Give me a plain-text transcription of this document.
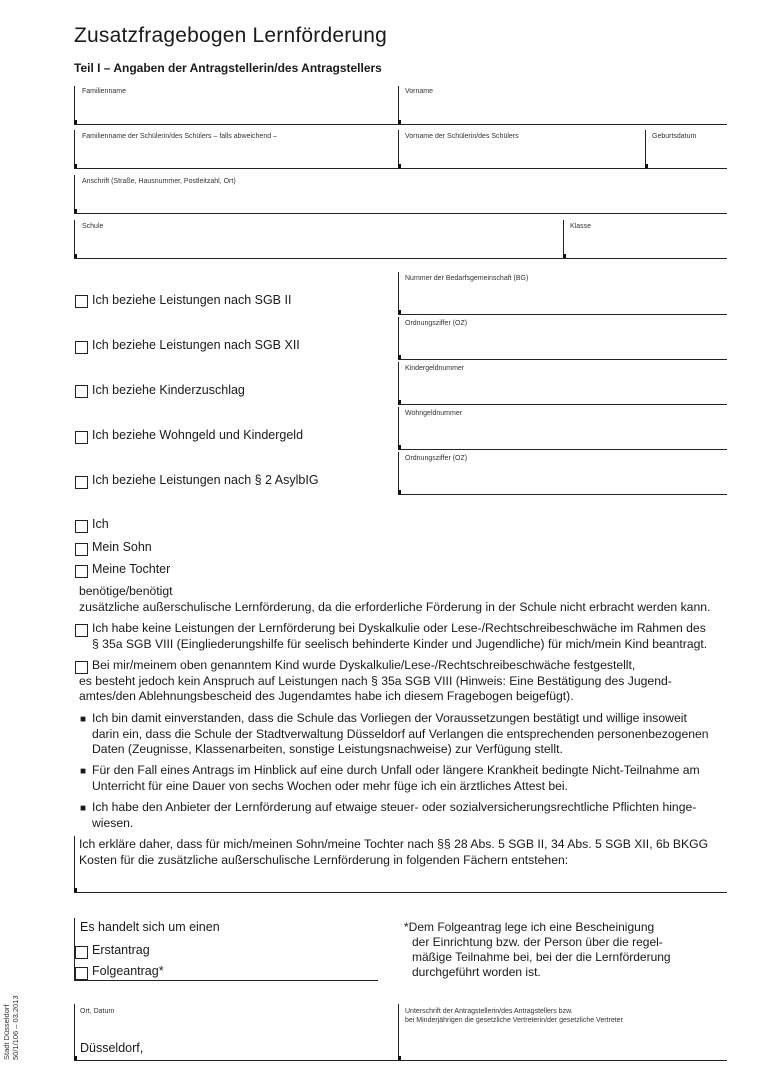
Zusatzfragebogen Lernförderung
Teil I – Angaben der Antragstellerin/des Antragstellers
Familienname	Vorname
Familienname der Schülerin/des Schülers – falls abweichend –	Vorname der Schülerin/des Schülers	Geburtsdatum
Anschrift (Straße, Hausnummer, Postleitzahl, Ort)
Schule	Klasse
Nummer der Bedarfsgemeinschaft (BG)
Ich beziehe Leistungen nach SGB II
Ordnungsziffer (OZ)
Ich beziehe Leistungen nach SGB XII
Kindergeldnummer
Ich beziehe Kinderzuschlag
Wohngeldnummer
Ich beziehe Wohngeld und Kindergeld
Ordnungsziffer (OZ)
Ich beziehe Leistungen nach § 2 AsylbIG
Ich
Mein Sohn
Meine Tochter
benötige/benötigt
zusätzliche außerschulische Lernförderung, da die erforderliche Förderung in der Schule nicht erbracht werden kann.
Ich habe keine Leistungen der Lernförderung bei Dyskalkulie oder Lese-/Rechtschreibeschwäche im Rahmen des
§ 35a SGB VIII (Eingliederungshilfe für seelisch behinderte Kinder und Jugendliche) für mich/mein Kind beantragt.
Bei mir/meinem oben genanntem Kind wurde Dyskalkulie/Lese-/Rechtschreibeschwäche festgestellt,
es besteht jedoch kein Anspruch auf Leistungen nach § 35a SGB VIII (Hinweis: Eine Bestätigung des Jugend-
amtes/den Ablehnungsbescheid des Jugendamtes habe ich diesem Fragebogen beigefügt).
■ Ich bin damit einverstanden, dass die Schule das Vorliegen der Voraussetzungen bestätigt und willige insoweit
darin ein, dass die Schule der Stadtverwaltung Düsseldorf auf Verlangen die entsprechenden personenbezogenen
Daten (Zeugnisse, Klassenarbeiten, sonstige Leistungsnachweise) zur Verfügung stellt.
■ Für den Fall eines Antrags im Hinblick auf eine durch Unfall oder längere Krankheit bedingte Nicht-Teilnahme am
Unterricht für eine Dauer von sechs Wochen oder mehr füge ich ein ärztliches Attest bei.
■ Ich habe den Anbieter der Lernförderung auf etwaige steuer- oder sozialversicherungsrechtliche Pflichten hinge-
wiesen.
Ich erkläre daher, dass für mich/meinen Sohn/meine Tochter nach §§ 28 Abs. 5 SGB II, 34 Abs. 5 SGB XII, 6b BKGG
Kosten für die zusätzliche außerschulische Lernförderung in folgenden Fächern entstehen:
Es handelt sich um einen
Erstantrag
Folgeantrag*
*Dem Folgeantrag lege ich eine Bescheinigung
der Einrichtung bzw. der Person über die regel-
mäßige Teilnahme bei, bei der die Lernförderung
durchgeführt worden ist.
Ort, Datum
Düsseldorf,
Unterschrift der Antragstellerin/des Antragstellers bzw.
bei Minderjährigen die gesetzliche Vertreterin/der gesetzliche Vertreter
Stadt Düsseldorf 50/1/106 – 03.2013
